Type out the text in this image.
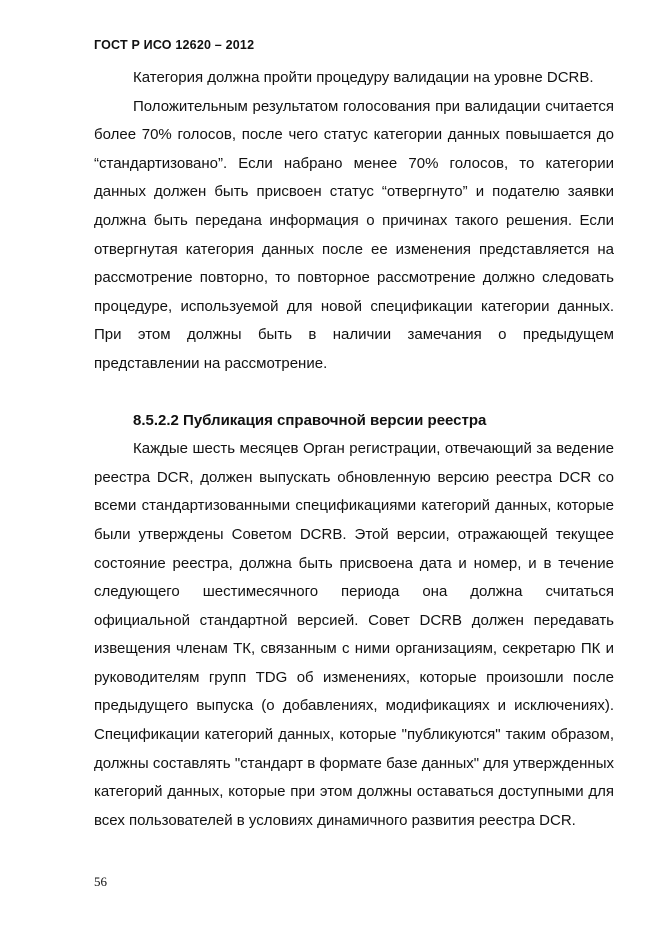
ГОСТ Р ИСО 12620 – 2012

Категория должна пройти процедуру валидации на уровне DCRB.

Положительным результатом голосования при валидации считается более 70% голосов, после чего статус категории данных повышается до “стандартизовано”. Если набрано менее 70% голосов, то категории данных должен быть присвоен статус “отвергнуто” и подателю заявки должна быть передана информация о причинах такого решения. Если отвергнутая категория данных после ее изменения представляется на рассмотрение повторно, то повторное рассмотрение должно следовать процедуре, используемой для новой спецификации категории данных. При этом должны быть в наличии замечания о предыдущем представлении на рассмотрение.

8.5.2.2 Публикация справочной версии реестра

Каждые шесть месяцев Орган регистрации, отвечающий за ведение реестра DCR, должен выпускать обновленную версию реестра DCR со всеми стандартизованными спецификациями категорий данных, которые были утверждены Советом DCRB. Этой версии, отражающей текущее состояние реестра, должна быть присвоена дата и номер, и в течение следующего шестимесячного периода она должна считаться официальной стандартной версией. Совет DCRB должен передавать извещения членам ТК, связанным с ними организациям, секретарю ПК и руководителям групп TDG об изменениях, которые произошли после предыдущего выпуска (о добавлениях, модификациях и исключениях). Спецификации категорий данных, которые "публикуются" таким образом, должны составлять "стандарт в формате базе данных" для утвержденных категорий данных, которые при этом должны оставаться доступными для всех пользователей в условиях динамичного развития реестра DCR.

56
